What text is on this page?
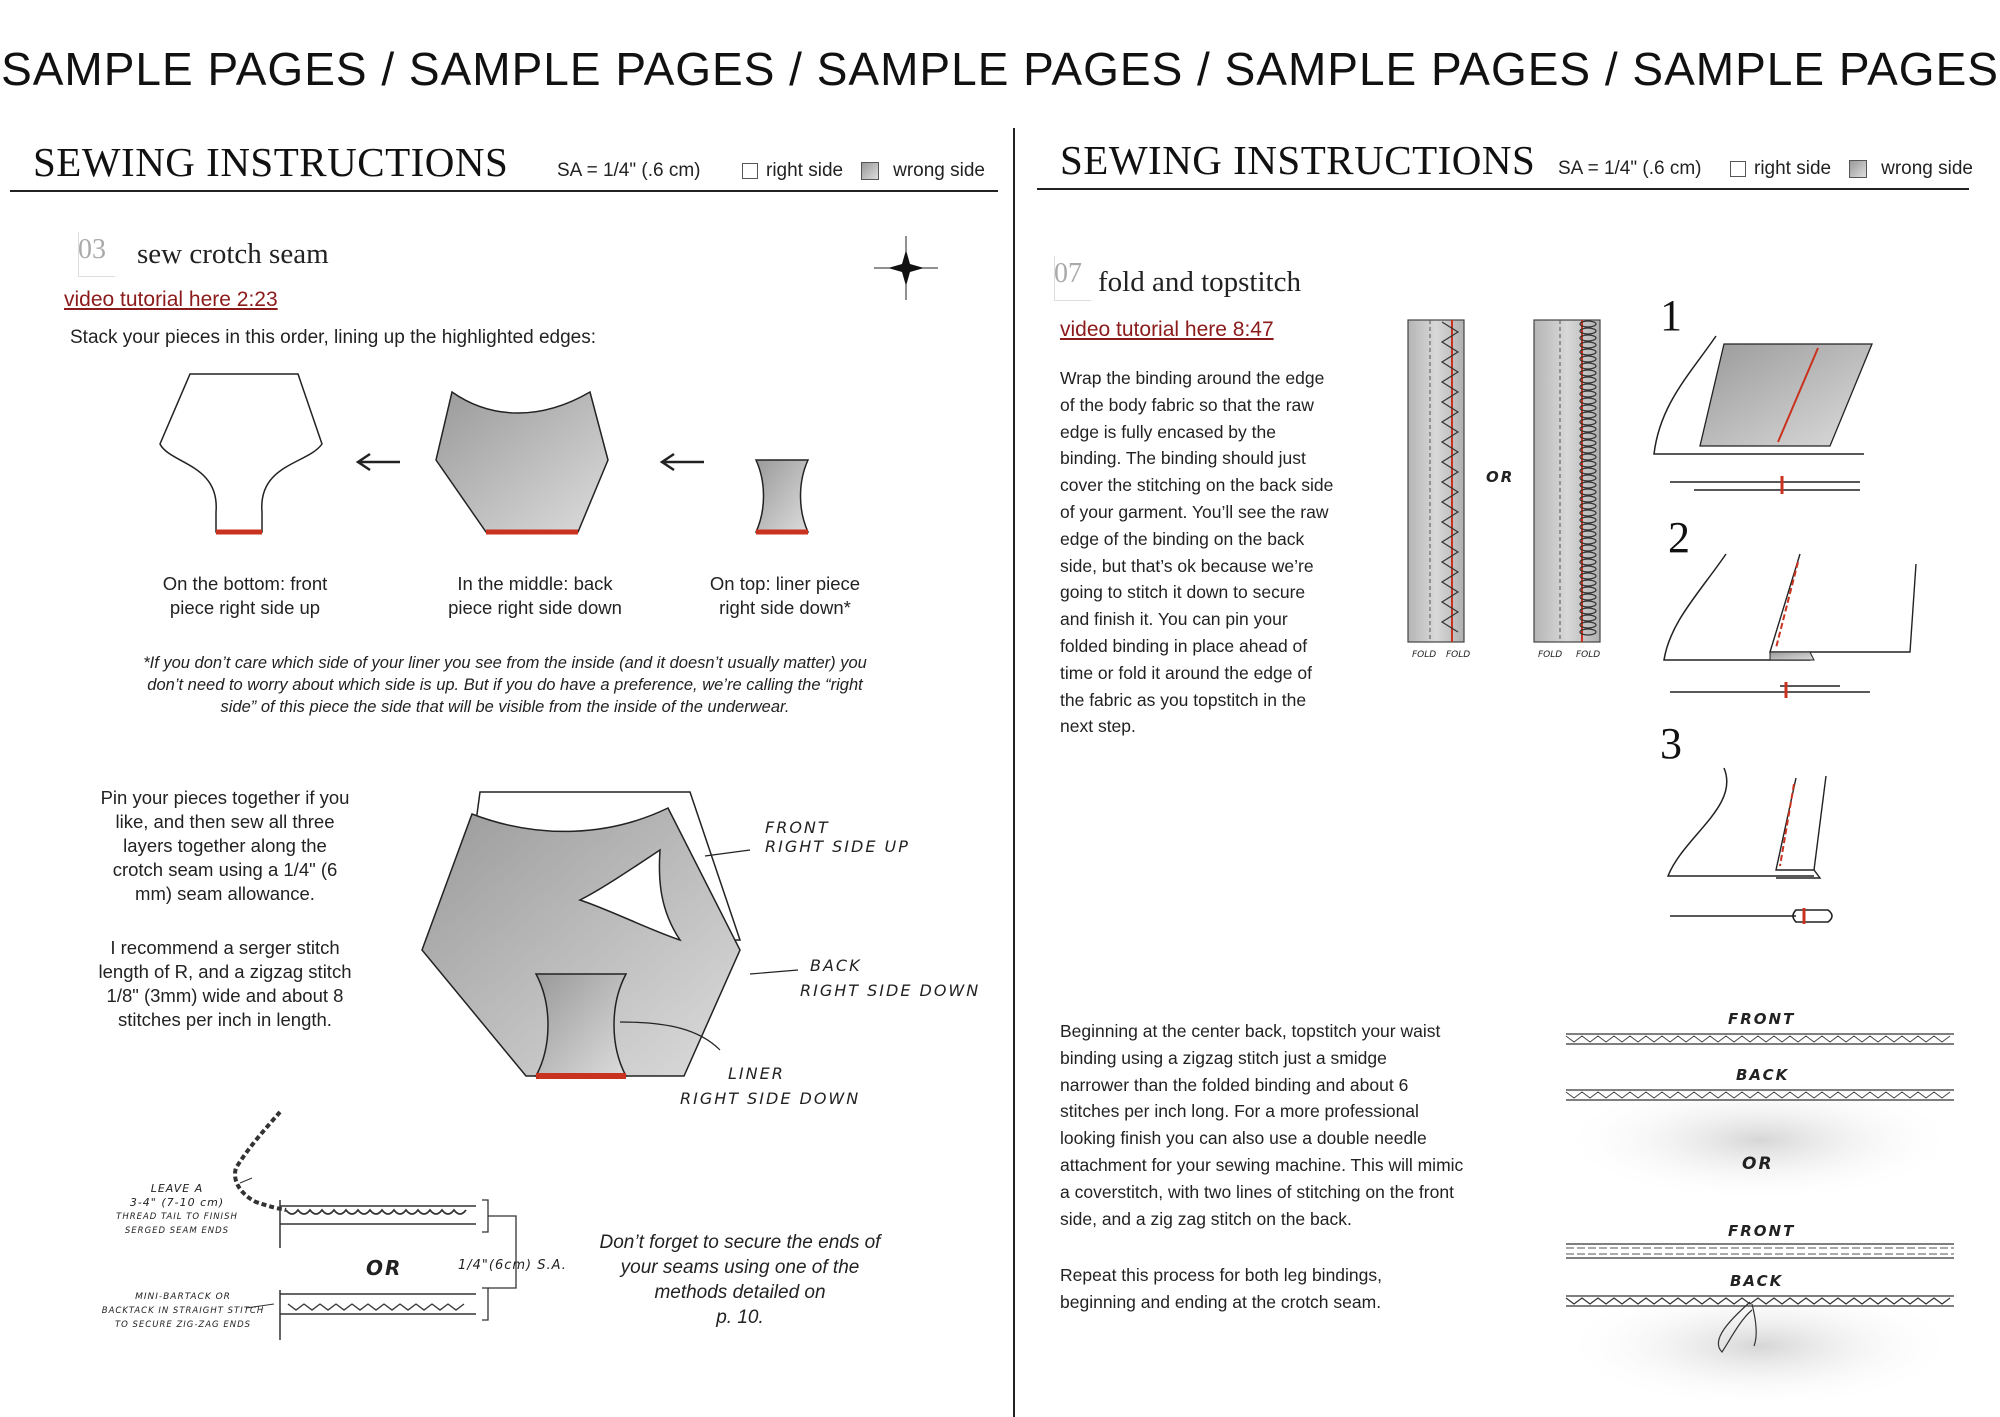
SAMPLE PAGES / SAMPLE PAGES / SAMPLE PAGES / SAMPLE PAGES / SAMPLE PAGES
SEWING INSTRUCTIONS	SA = 1/4" (.6 cm)	right side	wrong side
03 sew crotch seam
video tutorial here 2:23
Stack your pieces in this order, lining up the highlighted edges:
On the bottom: front
piece right side up
In the middle: back
piece right side down
On top: liner piece
right side down*
*If you don’t care which side of your liner you see from the inside (and it doesn’t usually matter) you
don’t need to worry about which side is up. But if you do have a preference, we’re calling the “right
side” of this piece the side that will be visible from the inside of the underwear.
Pin your pieces together if you
like, and then sew all three
layers together along the
crotch seam using a 1/4" (6
mm) seam allowance.
I recommend a serger stitch
length of R, and a zigzag stitch
1/8" (3mm) wide and about 8
stitches per inch in length.
FRONT
RIGHT SIDE UP
BACK
RIGHT SIDE DOWN
LINER
RIGHT SIDE DOWN
LEAVE A
3-4" (7-10 cm)
THREAD TAIL TO FINISH
SERGED SEAM ENDS
MINI-BARTACK OR
BACKTACK IN STRAIGHT STITCH
TO SECURE ZIG-ZAG ENDS
OR	1/4"(6cm) S.A.
Don’t forget to secure the ends of
your seams using one of the
methods detailed on
p. 10.
SEWING INSTRUCTIONS SA = 1/4" (.6 cm)	right side	wrong side
07 fold and topstitch
video tutorial here 8:47
Wrap the binding around the edge
of the body fabric so that the raw
edge is fully encased by the
binding. The binding should just
cover the stitching on the back side
of your garment. You’ll see the raw
edge of the binding on the back
side, but that’s ok because we’re
going to stitch it down to secure
and finish it. You can pin your
folded binding in place ahead of
time or fold it around the edge of
the fabric as you topstitch in the
next step.
OR
FOLD FOLD	FOLD FOLD
1
2
3
Beginning at the center back, topstitch your waist
binding using a zigzag stitch just a smidge
narrower than the folded binding and about 6
stitches per inch long. For a more professional
looking finish you can also use a double needle
attachment for your sewing machine. This will mimic
a coverstitch, with two lines of stitching on the front
side, and a zig zag stitch on the back.
Repeat this process for both leg bindings,
beginning and ending at the crotch seam.
FRONT
BACK
OR
FRONT
BACK
